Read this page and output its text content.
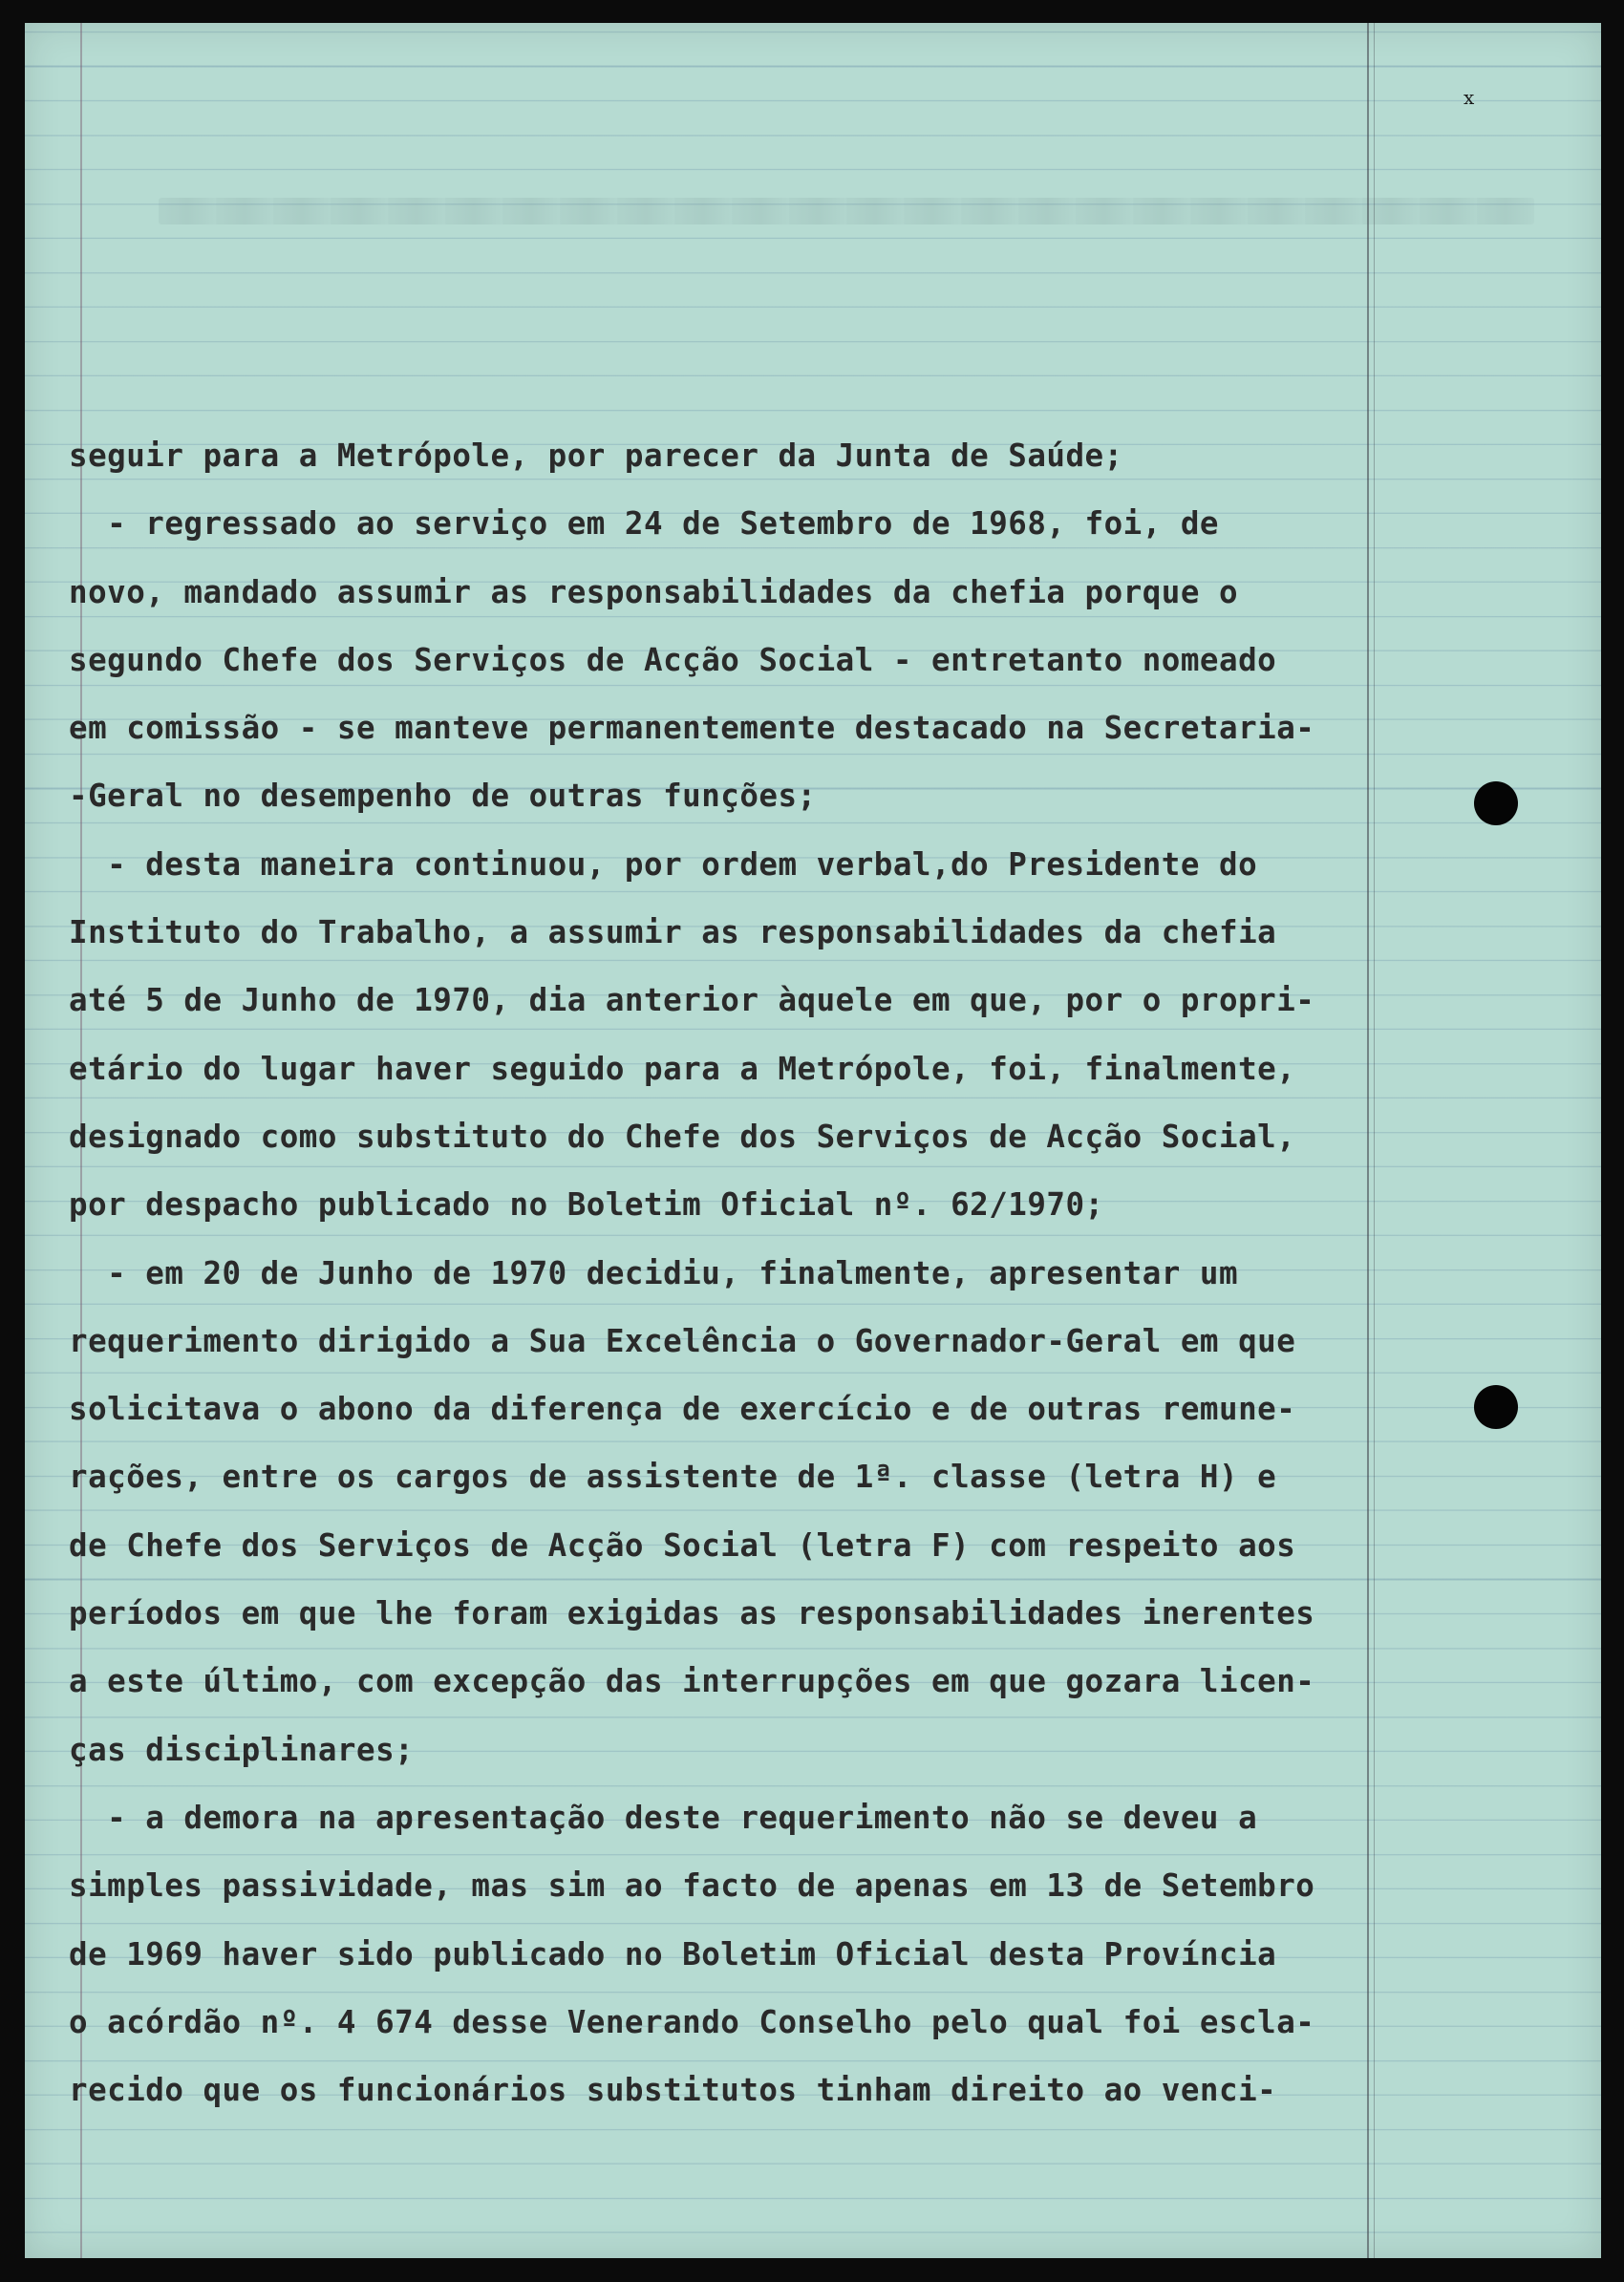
ⅹ
seguir para a Metrópole, por parecer da Junta de Saúde;
- regressado ao serviço em 24 de Setembro de 1968, foi, de
novo, mandado assumir as responsabilidades da chefia porque o
segundo Chefe dos Serviços de Acção Social - entretanto nomeado
em comissão - se manteve permanentemente destacado na Secretaria-
-Geral no desempenho de outras funções;
- desta maneira continuou, por ordem verbal,do Presidente do
Instituto do Trabalho, a assumir as responsabilidades da chefia
até 5 de Junho de 1970, dia anterior àquele em que, por o propri-
etário do lugar haver seguido para a Metrópole, foi, finalmente,
designado como substituto do Chefe dos Serviços de Acção Social,
por despacho publicado no Boletim Oficial nº. 62/1970;
- em 20 de Junho de 1970 decidiu, finalmente, apresentar um
requerimento dirigido a Sua Excelência o Governador-Geral em que
solicitava o abono da diferença de exercício e de outras remune-
rações, entre os cargos de assistente de 1ª. classe (letra H) e
de Chefe dos Serviços de Acção Social (letra F) com respeito aos
períodos em que lhe foram exigidas as responsabilidades inerentes
a este último, com excepção das interrupções em que gozara licen-
ças disciplinares;
- a demora na apresentação deste requerimento não se deveu a
simples passividade, mas sim ao facto de apenas em 13 de Setembro
de 1969 haver sido publicado no Boletim Oficial desta Província
o acórdão nº. 4 674 desse Venerando Conselho pelo qual foi escla-
recido que os funcionários substitutos tinham direito ao venci-
